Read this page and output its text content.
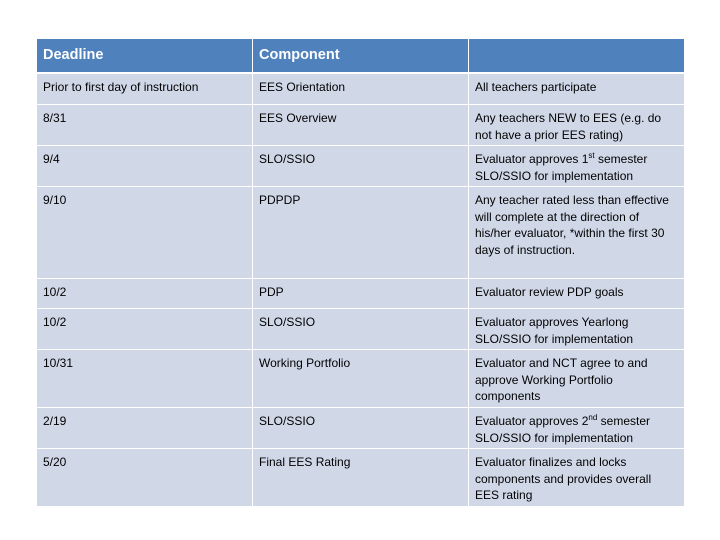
Deadline	Component	
Prior to first day of instruction	EES Orientation	All teachers participate
8/31	EES Overview	Any teachers NEW to EES (e.g. do not have a prior EES rating)
9/4	SLO/SSIO	Evaluator approves 1st semester SLO/SSIO for implementation
9/10	PDPDP	Any teacher rated less than effective will complete at the direction of his/her evaluator, *within the first 30 days of instruction.
10/2	PDP	Evaluator review PDP goals
10/2	SLO/SSIO	Evaluator approves Yearlong SLO/SSIO for implementation
10/31	Working Portfolio	Evaluator and NCT agree to and approve Working Portfolio components
2/19	SLO/SSIO	Evaluator approves 2nd semester SLO/SSIO for implementation
5/20	Final EES Rating	Evaluator finalizes and locks components and provides overall EES rating
